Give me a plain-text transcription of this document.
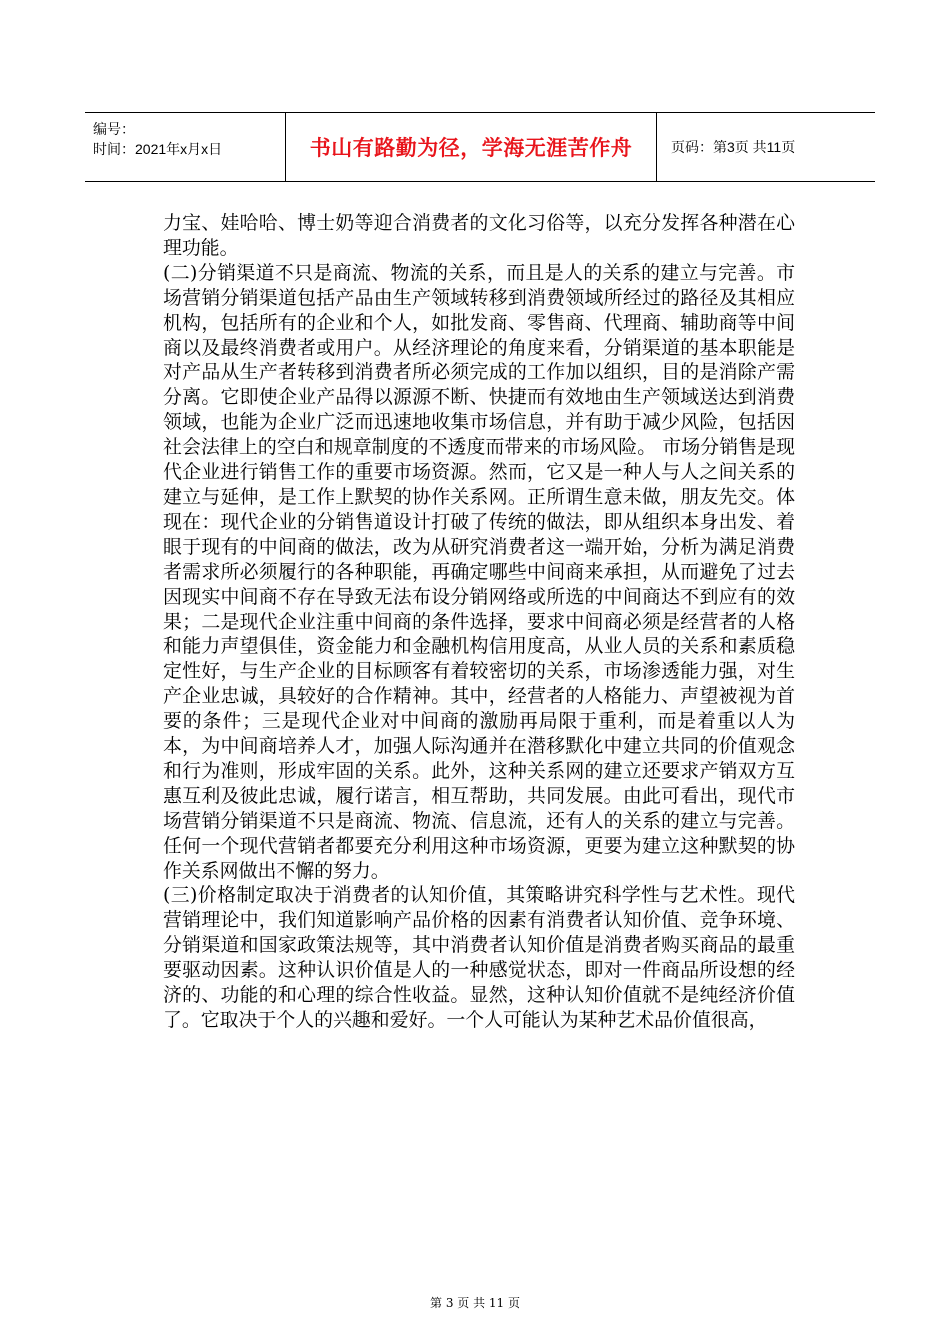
编号：
时间：2021年x月x日	书山有路勤为径，学海无涯苦作舟	页码：第3页 共11页

力宝、娃哈哈、博士奶等迎合消费者的文化习俗等，以充分发挥各种潜在心理功能。

(二)分销渠道不只是商流、物流的关系，而且是人的关系的建立与完善。市场营销分销渠道包括产品由生产领域转移到消费领域所经过的路径及其相应机构，包括所有的企业和个人，如批发商、零售商、代理商、辅助商等中间商以及最终消费者或用户。从经济理论的角度来看，分销渠道的基本职能是对产品从生产者转移到消费者所必须完成的工作加以组织，目的是消除产需分离。它即使企业产品得以源源不断、快捷而有效地由生产领域送达到消费领域，也能为企业广泛而迅速地收集市场信息，并有助于减少风险，包括因社会法律上的空白和规章制度的不透度而带来的市场风险。 市场分销售是现代企业进行销售工作的重要市场资源。然而，它又是一种人与人之间关系的建立与延伸，是工作上默契的协作关系网。正所谓生意未做，朋友先交。体现在：现代企业的分销售道设计打破了传统的做法，即从组织本身出发、着眼于现有的中间商的做法，改为从研究消费者这一端开始，分析为满足消费者需求所必须履行的各种职能，再确定哪些中间商来承担，从而避免了过去因现实中间商不存在导致无法布设分销网络或所选的中间商达不到应有的效果；二是现代企业注重中间商的条件选择，要求中间商必须是经营者的人格和能力声望俱佳，资金能力和金融机构信用度高，从业人员的关系和素质稳定性好，与生产企业的目标顾客有着较密切的关系，市场渗透能力强，对生产企业忠诚，具较好的合作精神。其中，经营者的人格能力、声望被视为首要的条件；三是现代企业对中间商的激励再局限于重利，而是着重以人为本，为中间商培养人才，加强人际沟通并在潜移默化中建立共同的价值观念和行为准则，形成牢固的关系。此外，这种关系网的建立还要求产销双方互惠互利及彼此忠诚，履行诺言，相互帮助，共同发展。由此可看出，现代市场营销分销渠道不只是商流、物流、信息流，还有人的关系的建立与完善。任何一个现代营销者都要充分利用这种市场资源，更要为建立这种默契的协作关系网做出不懈的努力。

(三)价格制定取决于消费者的认知价值，其策略讲究科学性与艺术性。现代营销理论中，我们知道影响产品价格的因素有消费者认知价值、竞争环境、分销渠道和国家政策法规等，其中消费者认知价值是消费者购买商品的最重要驱动因素。这种认识价值是人的一种感觉状态，即对一件商品所设想的经济的、功能的和心理的综合性收益。显然，这种认知价值就不是纯经济价值了。它取决于个人的兴趣和爱好。一个人可能认为某种艺术品价值很高，

第 3 页 共 11 页
